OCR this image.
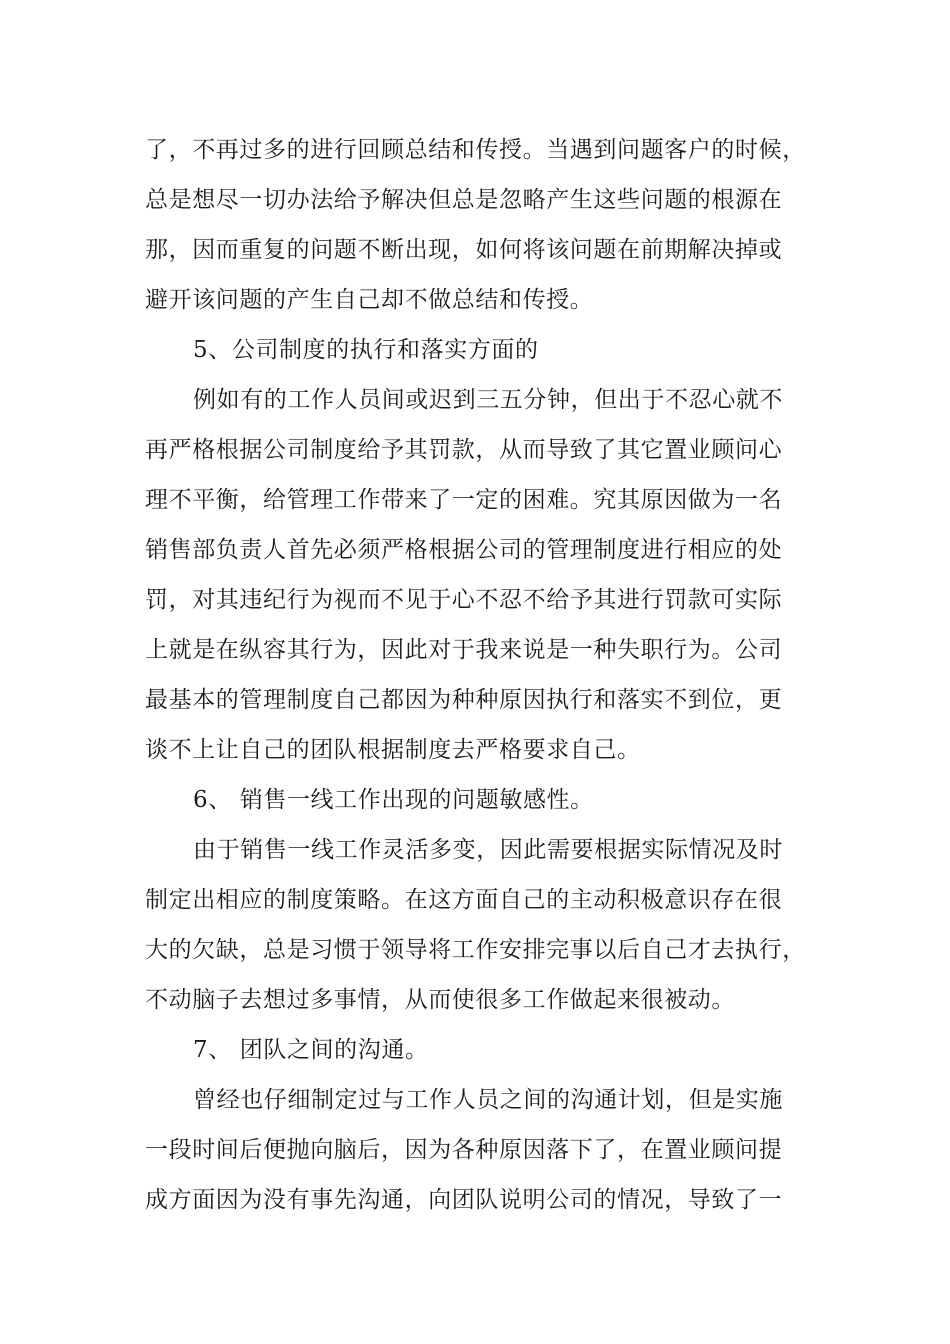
了，不再过多的进行回顾总结和传授。当遇到问题客户的时候，
总是想尽一切办法给予解决但总是忽略产生这些问题的根源在
那，因而重复的问题不断出现，如何将该问题在前期解决掉或
避开该问题的产生自己却不做总结和传授。
5、公司制度的执行和落实方面的
例如有的工作人员间或迟到三五分钟，但出于不忍心就不
再严格根据公司制度给予其罚款，从而导致了其它置业顾问心
理不平衡，给管理工作带来了一定的困难。究其原因做为一名
销售部负责人首先必须严格根据公司的管理制度进行相应的处
罚，对其违纪行为视而不见于心不忍不给予其进行罚款可实际
上就是在纵容其行为，因此对于我来说是一种失职行为。公司
最基本的管理制度自己都因为种种原因执行和落实不到位，更
谈不上让自己的团队根据制度去严格要求自己。
6、 销售一线工作出现的问题敏感性。
由于销售一线工作灵活多变，因此需要根据实际情况及时
制定出相应的制度策略。在这方面自己的主动积极意识存在很
大的欠缺，总是习惯于领导将工作安排完事以后自己才去执行，
不动脑子去想过多事情，从而使很多工作做起来很被动。
7、 团队之间的沟通。
曾经也仔细制定过与工作人员之间的沟通计划，但是实施
一段时间后便抛向脑后，因为各种原因落下了，在置业顾问提
成方面因为没有事先沟通，向团队说明公司的情况，导致了一
